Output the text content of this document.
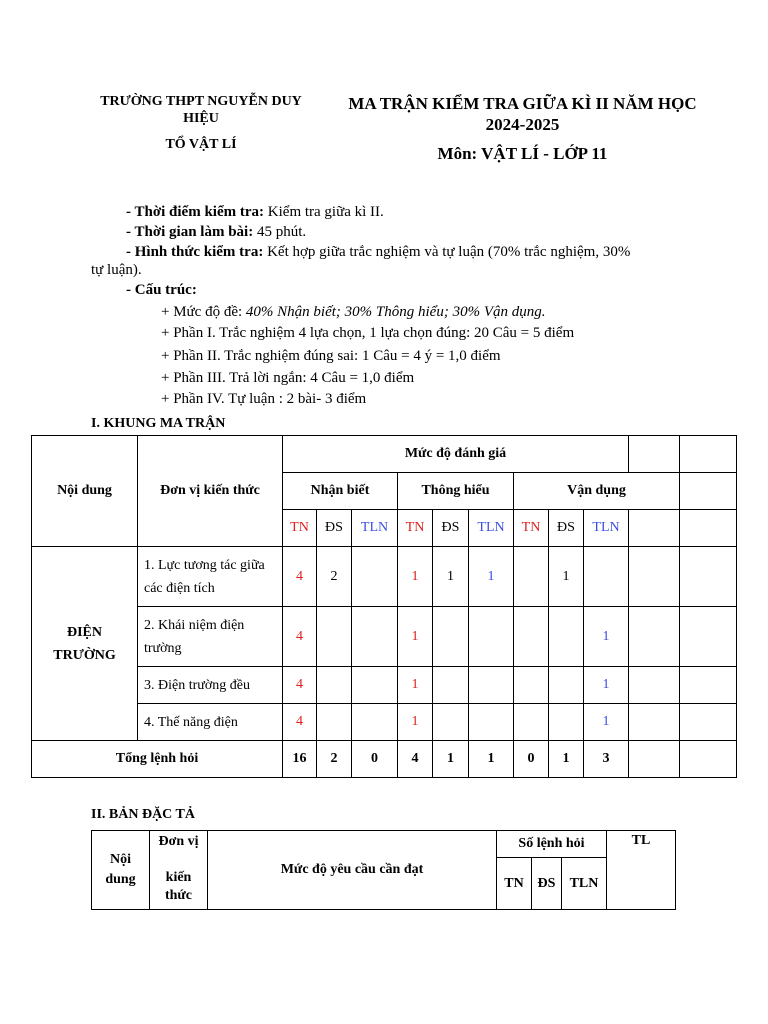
TRƯỜNG THPT NGUYỄN DUY HIỆU
TỔ VẬT LÍ
MA TRẬN KIỂM TRA GIỮA KÌ II NĂM HỌC 2024-2025
Môn: VẬT LÍ - LỚP 11
- Thời điểm kiểm tra: Kiểm tra giữa kì II.
- Thời gian làm bài: 45 phút.
- Hình thức kiểm tra: Kết hợp giữa trắc nghiệm và tự luận (70% trắc nghiệm, 30%
tự luận).
- Cấu trúc:
+ Mức độ đề: 40% Nhận biết; 30% Thông hiểu; 30% Vận dụng.
+ Phần I. Trắc nghiệm 4 lựa chọn, 1 lựa chọn đúng: 20 Câu = 5 điểm
+ Phần II. Trắc nghiệm đúng sai: 1 Câu = 4 ý = 1,0 điểm
+ Phần III. Trả lời ngắn: 4 Câu = 1,0 điểm
+ Phần IV. Tự luận : 2 bài- 3 điểm
I. KHUNG MA TRẬN
Nội dung	Đơn vị kiến thức	Mức độ đánh giá										
		Nhận biết			Thông hiểu			Vận dụng				
		TN	ĐS	TLN	TN	ĐS	TLN	TN	ĐS	TLN		
ĐIỆN TRƯỜNG	1. Lực tương tác giữa các điện tích	4	2		1	1	1		1			
	2. Khái niệm điện trường	4			1					1		
	3. Điện trường đều	4			1					1		
	4. Thế năng điện	4			1					1		
Tổng lệnh hỏi		16	2	0	4	1	1	0	1	3		
II. BẢN ĐẶC TẢ
Nội
dung	Đơn vị

kiến
thức	Mức độ yêu cầu cần đạt	Số lệnh hỏi			TL
			TN	ĐS	TLN	
